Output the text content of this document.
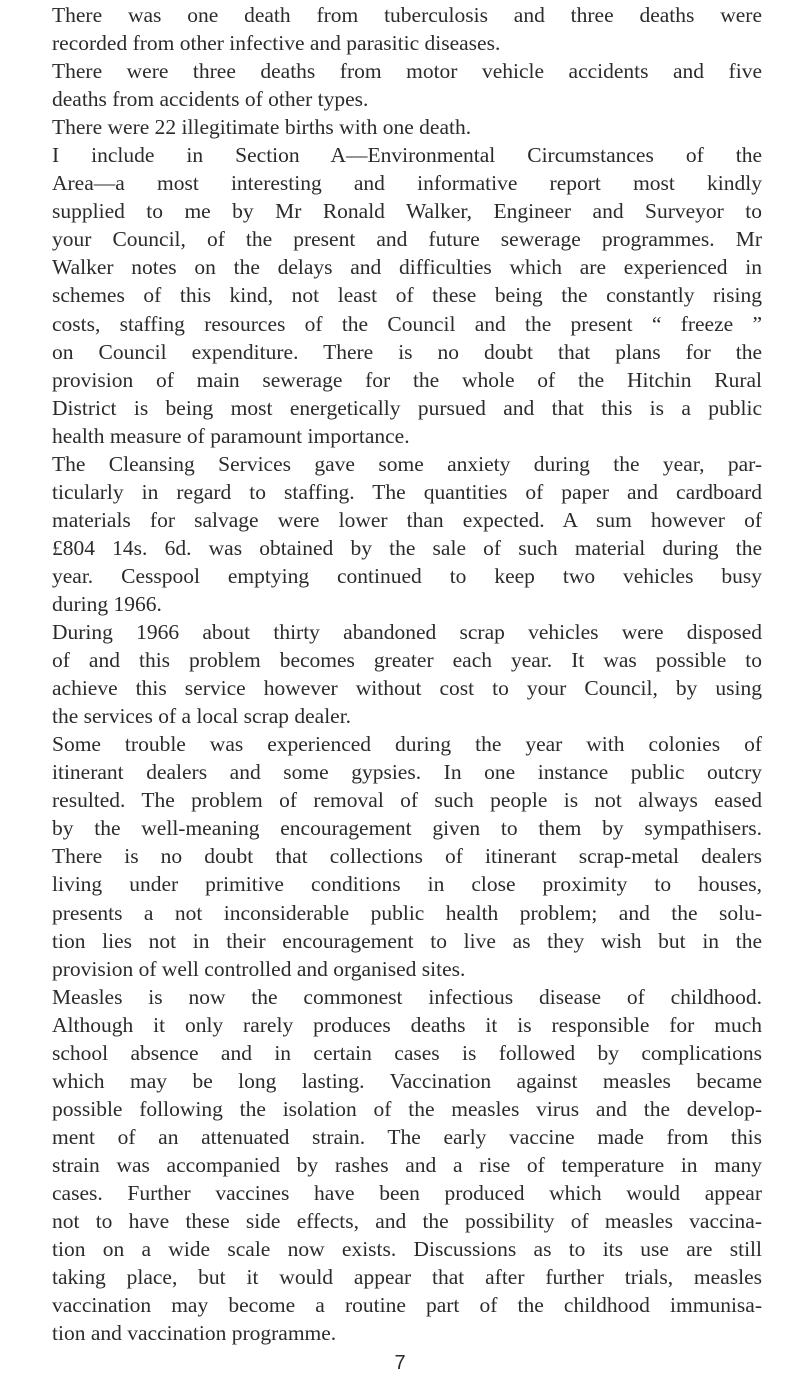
There was one death from tuberculosis and three deaths were
recorded from other infective and parasitic diseases.
There were three deaths from motor vehicle accidents and five
deaths from accidents of other types.
There were 22 illegitimate births with one death.
I include in Section A—Environmental Circumstances of the
Area—a most interesting and informative report most kindly
supplied to me by Mr Ronald Walker, Engineer and Surveyor to
your Council, of the present and future sewerage programmes. Mr
Walker notes on the delays and difficulties which are experienced in
schemes of this kind, not least of these being the constantly rising
costs, staffing resources of the Council and the present “ freeze ”
on Council expenditure. There is no doubt that plans for the
provision of main sewerage for the whole of the Hitchin Rural
District is being most energetically pursued and that this is a public
health measure of paramount importance.
The Cleansing Services gave some anxiety during the year, par-
ticularly in regard to staffing. The quantities of paper and cardboard
materials for salvage were lower than expected. A sum however of
£804 14s. 6d. was obtained by the sale of such material during the
year. Cesspool emptying continued to keep two vehicles busy
during 1966.
During 1966 about thirty abandoned scrap vehicles were disposed
of and this problem becomes greater each year. It was possible to
achieve this service however without cost to your Council, by using
the services of a local scrap dealer.
Some trouble was experienced during the year with colonies of
itinerant dealers and some gypsies. In one instance public outcry
resulted. The problem of removal of such people is not always eased
by the well-meaning encouragement given to them by sympathisers.
There is no doubt that collections of itinerant scrap-metal dealers
living under primitive conditions in close proximity to houses,
presents a not inconsiderable public health problem; and the solu-
tion lies not in their encouragement to live as they wish but in the
provision of well controlled and organised sites.
Measles is now the commonest infectious disease of childhood.
Although it only rarely produces deaths it is responsible for much
school absence and in certain cases is followed by complications
which may be long lasting. Vaccination against measles became
possible following the isolation of the measles virus and the develop-
ment of an attenuated strain. The early vaccine made from this
strain was accompanied by rashes and a rise of temperature in many
cases. Further vaccines have been produced which would appear
not to have these side effects, and the possibility of measles vaccina-
tion on a wide scale now exists. Discussions as to its use are still
taking place, but it would appear that after further trials, measles
vaccination may become a routine part of the childhood immunisa-
tion and vaccination programme.
7
